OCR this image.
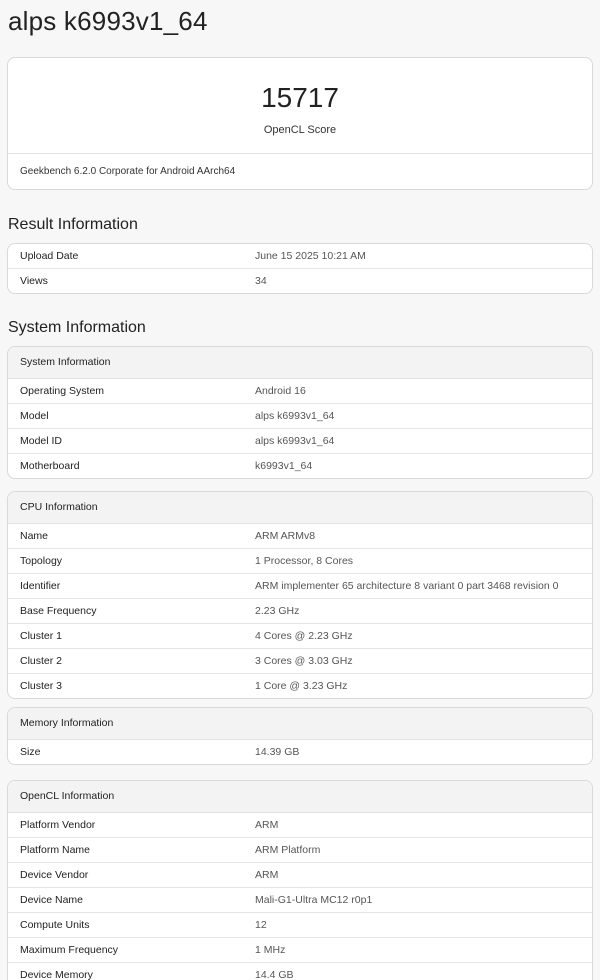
alps k6993v1_64
15717
OpenCL Score
Geekbench 6.2.0 Corporate for Android AArch64
Result Information
Upload Date	June 15 2025 10:21 AM
Views	34
System Information
System Information
Operating System	Android 16
Model	alps k6993v1_64
Model ID	alps k6993v1_64
Motherboard	k6993v1_64
CPU Information
Name	ARM ARMv8
Topology	1 Processor, 8 Cores
Identifier	ARM implementer 65 architecture 8 variant 0 part 3468 revision 0
Base Frequency	2.23 GHz
Cluster 1	4 Cores @ 2.23 GHz
Cluster 2	3 Cores @ 3.03 GHz
Cluster 3	1 Core @ 3.23 GHz
Memory Information
Size	14.39 GB
OpenCL Information
Platform Vendor	ARM
Platform Name	ARM Platform
Device Vendor	ARM
Device Name	Mali-G1-Ultra MC12 r0p1
Compute Units	12
Maximum Frequency	1 MHz
Device Memory	14.4 GB
